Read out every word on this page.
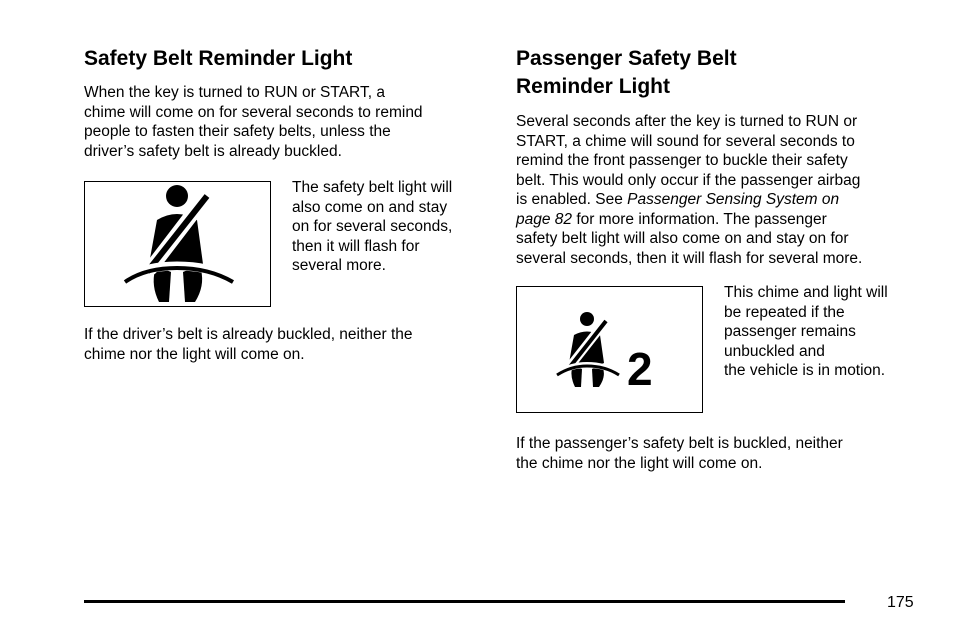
Safety Belt Reminder Light

When the key is turned to RUN or START, a
chime will come on for several seconds to remind
people to fasten their safety belts, unless the
driver’s safety belt is already buckled.

The safety belt light will
also come on and stay
on for several seconds,
then it will flash for
several more.

If the driver’s belt is already buckled, neither the
chime nor the light will come on.

Passenger Safety Belt
Reminder Light

Several seconds after the key is turned to RUN or
START, a chime will sound for several seconds to
remind the front passenger to buckle their safety
belt. This would only occur if the passenger airbag
is enabled. See Passenger Sensing System on
page 82 for more information. The passenger
safety belt light will also come on and stay on for
several seconds, then it will flash for several more.

2
This chime and light will
be repeated if the
passenger remains
unbuckled and
the vehicle is in motion.

If the passenger’s safety belt is buckled, neither
the chime nor the light will come on.

175
